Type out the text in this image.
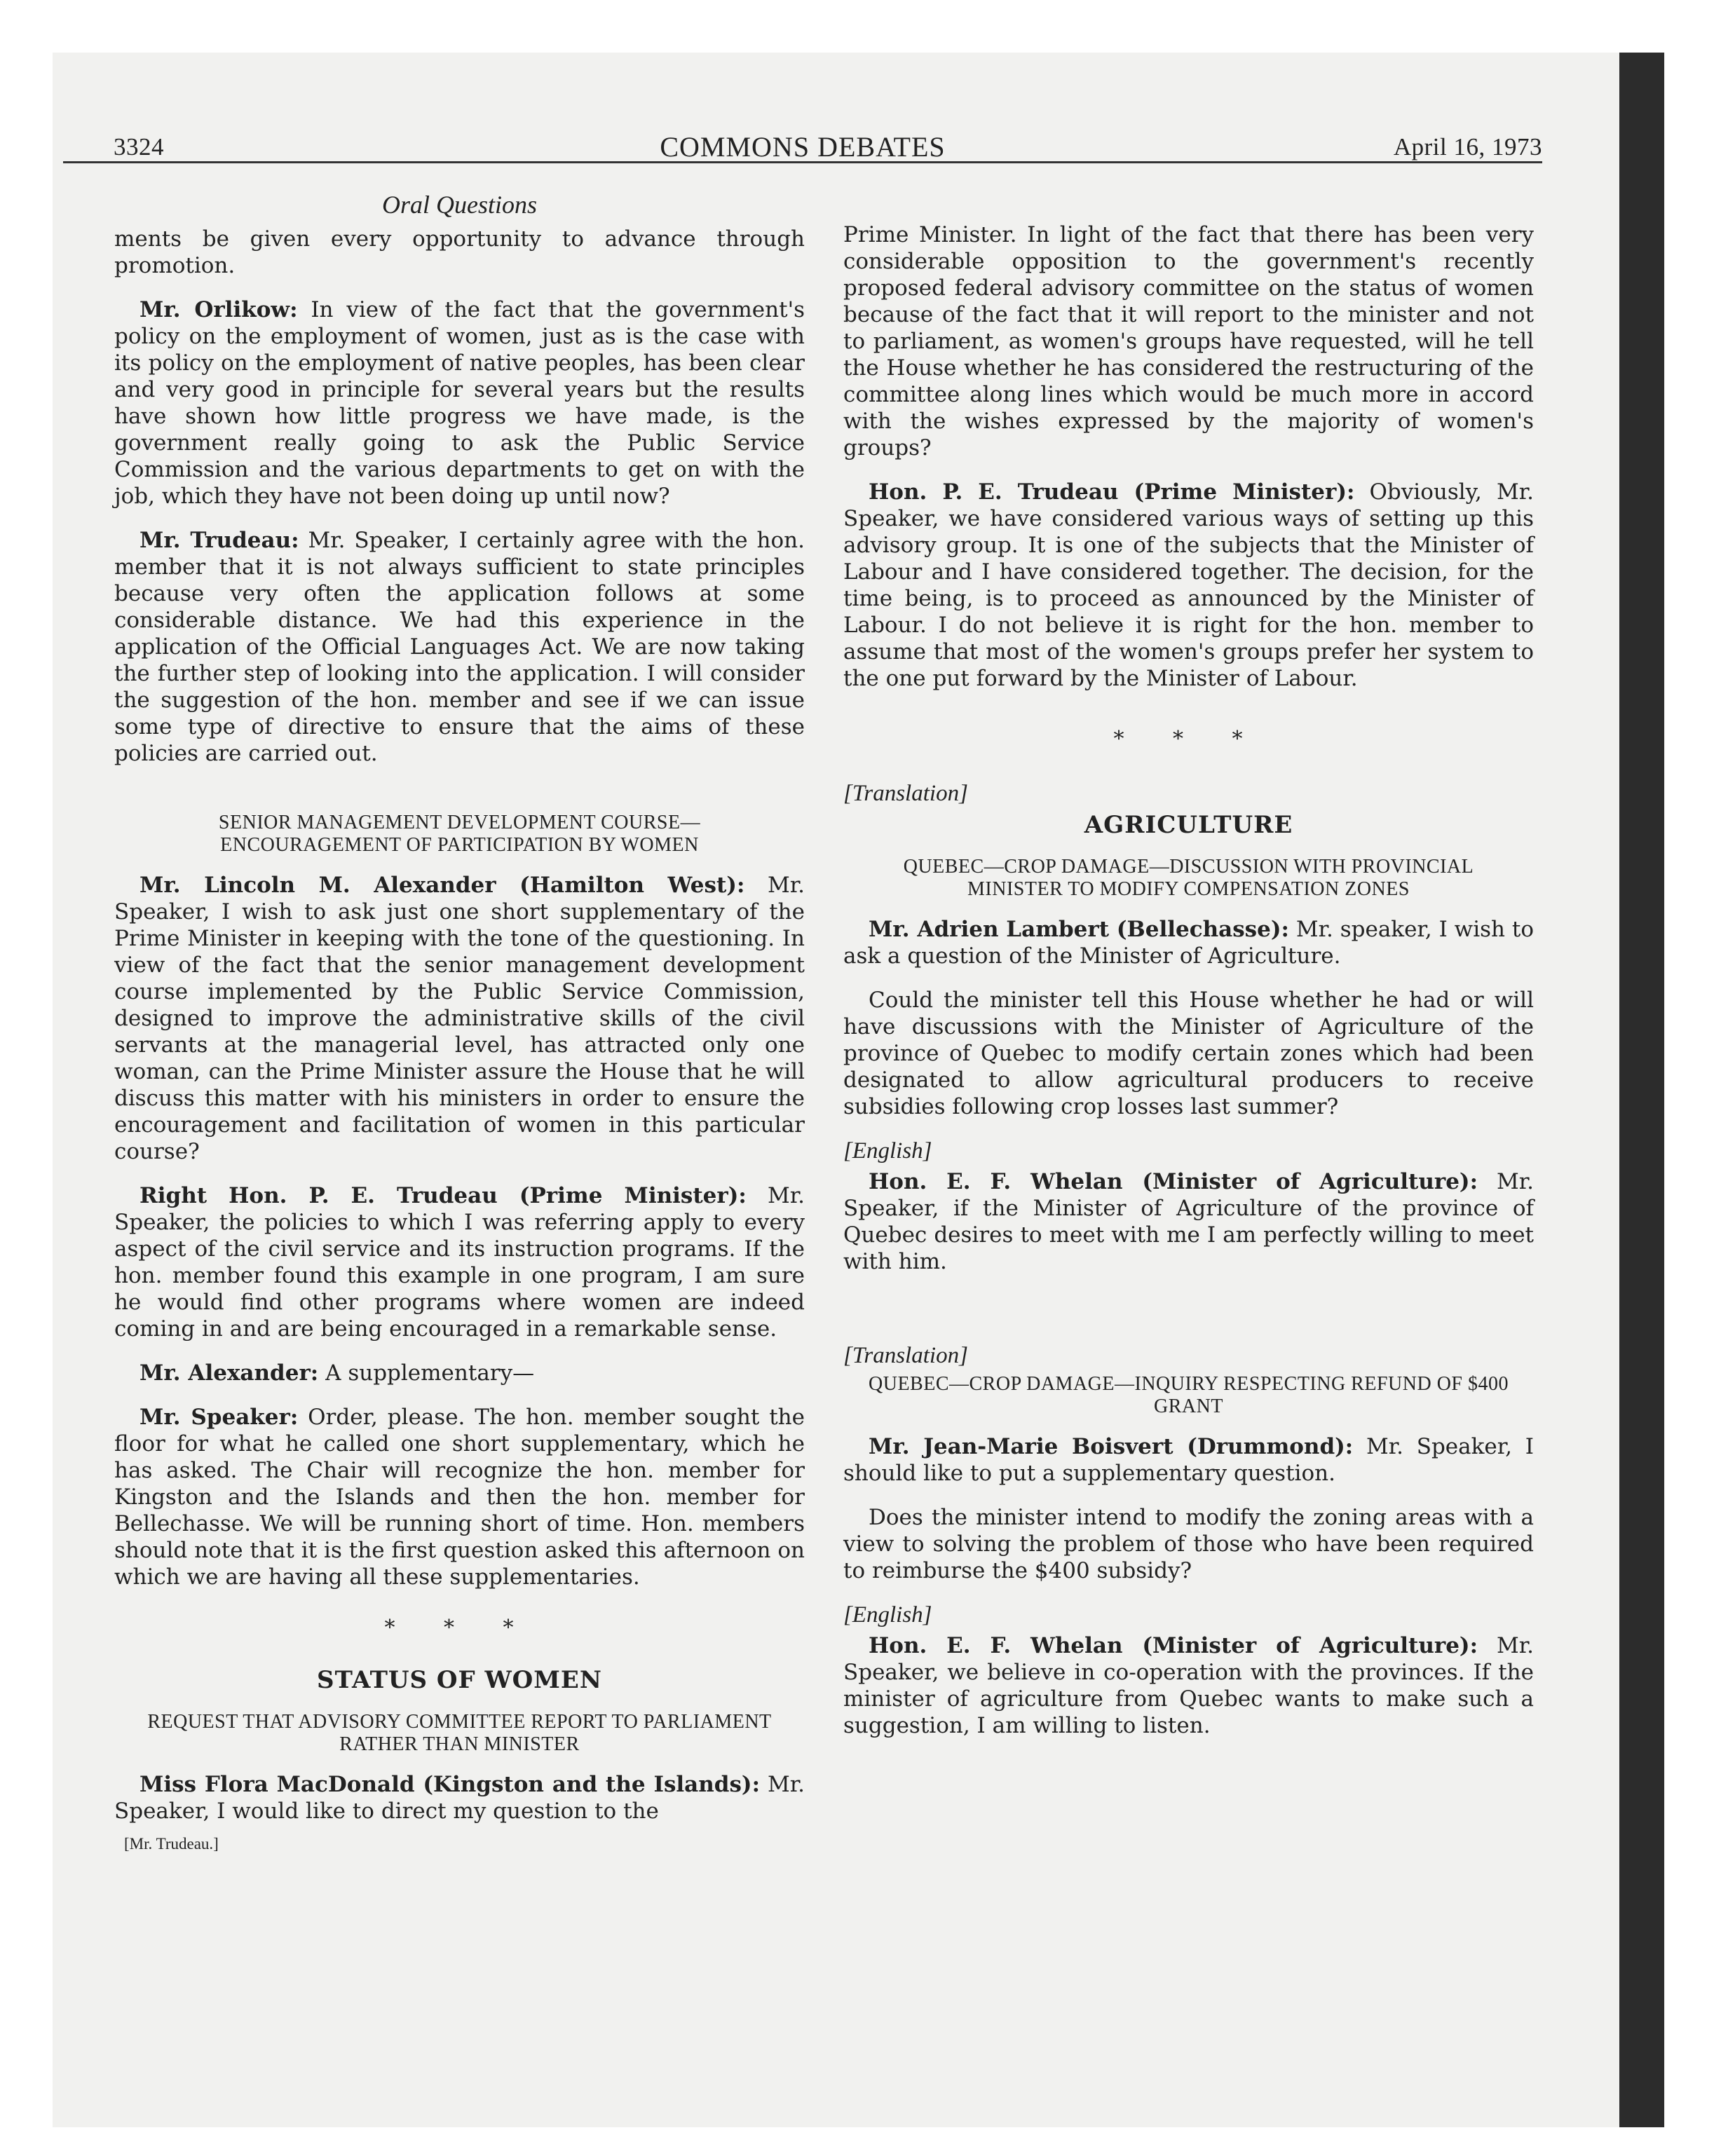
COMMONS DEBATES
3324	April 16, 1973
Oral Questions

ments be given every opportunity to advance through promotion.

Mr. Orlikow: In view of the fact that the government's policy on the employment of women, just as is the case with its policy on the employment of native peoples, has been clear and very good in principle for several years but the results have shown how little progress we have made, is the government really going to ask the Public Service Commission and the various departments to get on with the job, which they have not been doing up until now?

Mr. Trudeau: Mr. Speaker, I certainly agree with the hon. member that it is not always sufficient to state principles because very often the application follows at some considerable distance. We had this experience in the application of the Official Languages Act. We are now taking the further step of looking into the application. I will consider the suggestion of the hon. member and see if we can issue some type of directive to ensure that the aims of these policies are carried out.

SENIOR MANAGEMENT DEVELOPMENT COURSE— ENCOURAGEMENT OF PARTICIPATION BY WOMEN

Mr. Lincoln M. Alexander (Hamilton West): Mr. Speaker, I wish to ask just one short supplementary of the Prime Minister in keeping with the tone of the questioning. In view of the fact that the senior management development course implemented by the Public Service Commission, designed to improve the administrative skills of the civil servants at the managerial level, has attracted only one woman, can the Prime Minister assure the House that he will discuss this matter with his ministers in order to ensure the encouragement and facilitation of women in this particular course?

Right Hon. P. E. Trudeau (Prime Minister): Mr. Speaker, the policies to which I was referring apply to every aspect of the civil service and its instruction programs. If the hon. member found this example in one program, I am sure he would find other programs where women are indeed coming in and are being encouraged in a remarkable sense.

Mr. Alexander: A supplementary—

Mr. Speaker: Order, please. The hon. member sought the floor for what he called one short supplementary, which he has asked. The Chair will recognize the hon. member for Kingston and the Islands and then the hon. member for Bellechasse. We will be running short of time. Hon. members should note that it is the first question asked this afternoon on which we are having all these supplementaries.

* * *
STATUS OF WOMEN
REQUEST THAT ADVISORY COMMITTEE REPORT TO PARLIAMENT RATHER THAN MINISTER

Miss Flora MacDonald (Kingston and the Islands): Mr. Speaker, I would like to direct my question to the

[Mr. Trudeau.]

Prime Minister. In light of the fact that there has been very considerable opposition to the government's recently proposed federal advisory committee on the status of women because of the fact that it will report to the minister and not to parliament, as women's groups have requested, will he tell the House whether he has considered the restructuring of the committee along lines which would be much more in accord with the wishes expressed by the majority of women's groups?

Hon. P. E. Trudeau (Prime Minister): Obviously, Mr. Speaker, we have considered various ways of setting up this advisory group. It is one of the subjects that the Minister of Labour and I have considered together. The decision, for the time being, is to proceed as announced by the Minister of Labour. I do not believe it is right for the hon. member to assume that most of the women's groups prefer her system to the one put forward by the Minister of Labour.

* * *
[Translation]
AGRICULTURE
QUEBEC—CROP DAMAGE—DISCUSSION WITH PROVINCIAL MINISTER TO MODIFY COMPENSATION ZONES

Mr. Adrien Lambert (Bellechasse): Mr. speaker, I wish to ask a question of the Minister of Agriculture.

Could the minister tell this House whether he had or will have discussions with the Minister of Agriculture of the province of Quebec to modify certain zones which had been designated to allow agricultural producers to receive subsidies following crop losses last summer?

[English]

Hon. E. F. Whelan (Minister of Agriculture): Mr. Speaker, if the Minister of Agriculture of the province of Quebec desires to meet with me I am perfectly willing to meet with him.

[Translation]
QUEBEC—CROP DAMAGE—INQUIRY RESPECTING REFUND OF $400 GRANT

Mr. Jean-Marie Boisvert (Drummond): Mr. Speaker, I should like to put a supplementary question.

Does the minister intend to modify the zoning areas with a view to solving the problem of those who have been required to reimburse the $400 subsidy?

[English]

Hon. E. F. Whelan (Minister of Agriculture): Mr. Speaker, we believe in co-operation with the provinces. If the minister of agriculture from Quebec wants to make such a suggestion, I am willing to listen.
